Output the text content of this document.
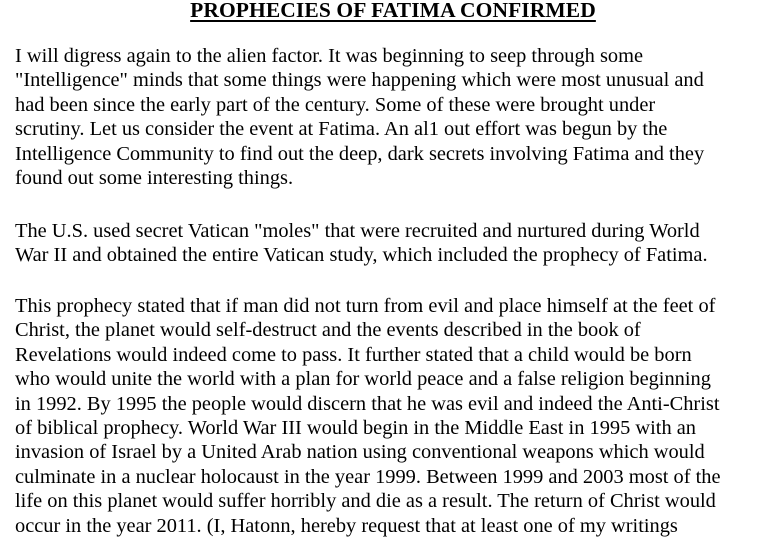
PROPHECIES OF FATIMA CONFIRMED

I will digress again to the alien factor. It was beginning to seep through some
"Intelligence" minds that some things were happening which were most unusual and
had been since the early part of the century. Some of these were brought under
scrutiny. Let us consider the event at Fatima. An al1 out effort was begun by the
Intelligence Community to find out the deep, dark secrets involving Fatima and they
found out some interesting things.

The U.S. used secret Vatican "moles" that were recruited and nurtured during World
War II and obtained the entire Vatican study, which included the prophecy of Fatima.

This prophecy stated that if man did not turn from evil and place himself at the feet of
Christ, the planet would self-destruct and the events described in the book of
Revelations would indeed come to pass. It further stated that a child would be born
who would unite the world with a plan for world peace and a false religion beginning
in 1992. By 1995 the people would discern that he was evil and indeed the Anti-Christ
of biblical prophecy. World War III would begin in the Middle East in 1995 with an
invasion of Israel by a United Arab nation using conventional weapons which would
culminate in a nuclear holocaust in the year 1999. Between 1999 and 2003 most of the
life on this planet would suffer horribly and die as a result. The return of Christ would
occur in the year 2011. (I, Hatonn, hereby request that at least one of my writings
